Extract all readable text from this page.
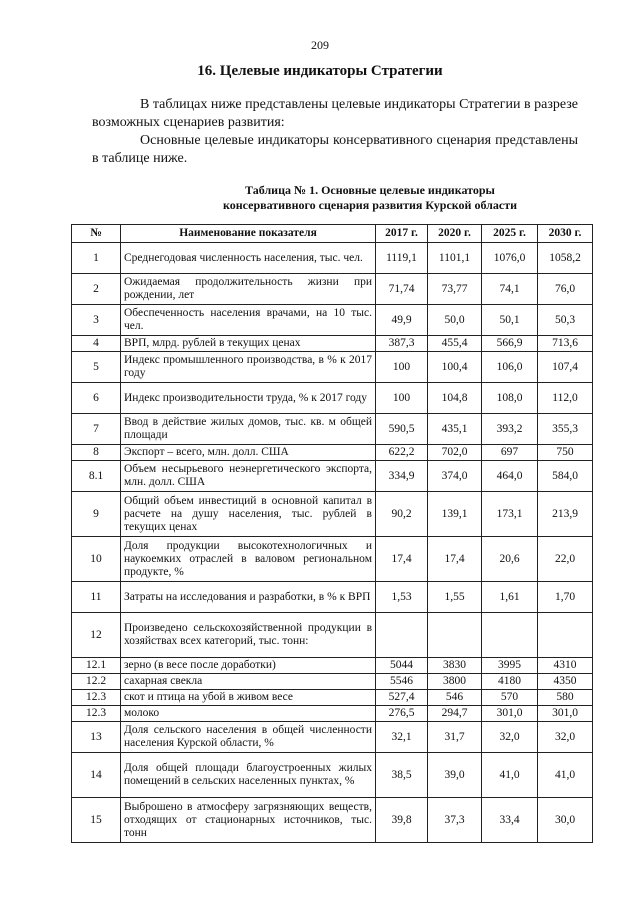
209
16. Целевые индикаторы Стратегии
В таблицах ниже представлены целевые индикаторы Стратегии в разрезе возможных сценариев развития:
Основные целевые индикаторы консервативного сценария представлены в таблице ниже.
Таблица № 1. Основные целевые индикаторы
консервативного сценария развития Курской области
№	Наименование показателя	2017 г.	2020 г.	2025 г.	2030 г.
1	Среднегодовая численность населения, тыс. чел.	1119,1	1101,1	1076,0	1058,2
2	Ожидаемая продолжительность жизни при рождении, лет	71,74	73,77	74,1	76,0
3	Обеспеченность населения врачами, на 10 тыс. чел.	49,9	50,0	50,1	50,3
4	ВРП, млрд. рублей в текущих ценах	387,3	455,4	566,9	713,6
5	Индекс промышленного производства, в % к 2017 году	100	100,4	106,0	107,4
6	Индекс производительности труда, % к 2017 году	100	104,8	108,0	112,0
7	Ввод в действие жилых домов, тыс. кв. м общей площади	590,5	435,1	393,2	355,3
8	Экспорт – всего, млн. долл. США	622,2	702,0	697	750
8.1	Объем несырьевого неэнергетического экспорта, млн. долл. США	334,9	374,0	464,0	584,0
9	Общий объем инвестиций в основной капитал в расчете на душу населения, тыс. рублей в текущих ценах	90,2	139,1	173,1	213,9
10	Доля продукции высокотехнологичных и наукоемких отраслей в валовом региональном продукте, %	17,4	17,4	20,6	22,0
11	Затраты на исследования и разработки, в % к ВРП	1,53	1,55	1,61	1,70
12	Произведено сельскохозяйственной продукции в хозяйствах всех категорий, тыс. тонн:				
12.1	зерно (в весе после доработки)	5044	3830	3995	4310
12.2	сахарная свекла	5546	3800	4180	4350
12.3	скот и птица на убой в живом весе	527,4	546	570	580
12.3	молоко	276,5	294,7	301,0	301,0
13	Доля сельского населения в общей численности населения Курской области, %	32,1	31,7	32,0	32,0
14	Доля общей площади благоустроенных жилых помещений в сельских населенных пунктах, %	38,5	39,0	41,0	41,0
15	Выброшено в атмосферу загрязняющих веществ, отходящих от стационарных источников, тыс. тонн	39,8	37,3	33,4	30,0
